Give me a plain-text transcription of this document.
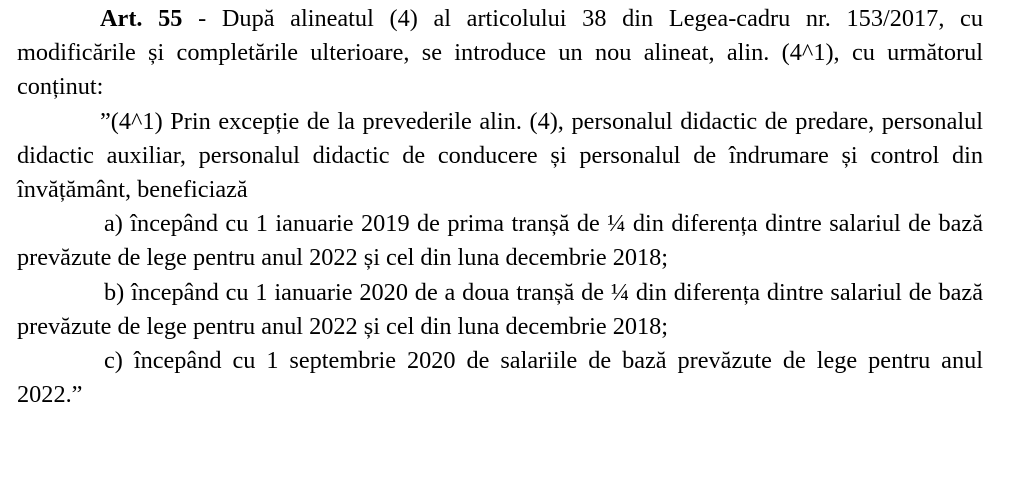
Art. 55 - După alineatul (4) al articolului 38 din Legea-cadru nr. 153/2017, cu modificările și completările ulterioare, se introduce un nou alineat, alin. (4^1), cu următorul conținut:

”(4^1) Prin excepție de la prevederile alin. (4), personalul didactic de predare, personalul didactic auxiliar, personalul didactic de conducere și personalul de îndrumare și control din învățământ, beneficiază

a) începând cu 1 ianuarie 2019 de prima tranșă de ¼ din diferența dintre salariul de bază prevăzute de lege pentru anul 2022 și cel din luna decembrie 2018;

b) începând cu 1 ianuarie 2020 de a doua tranșă de ¼ din diferența dintre salariul de bază prevăzute de lege pentru anul 2022 și cel din luna decembrie 2018;

c) începând cu 1 septembrie 2020 de salariile de bază prevăzute de lege pentru anul 2022.”
